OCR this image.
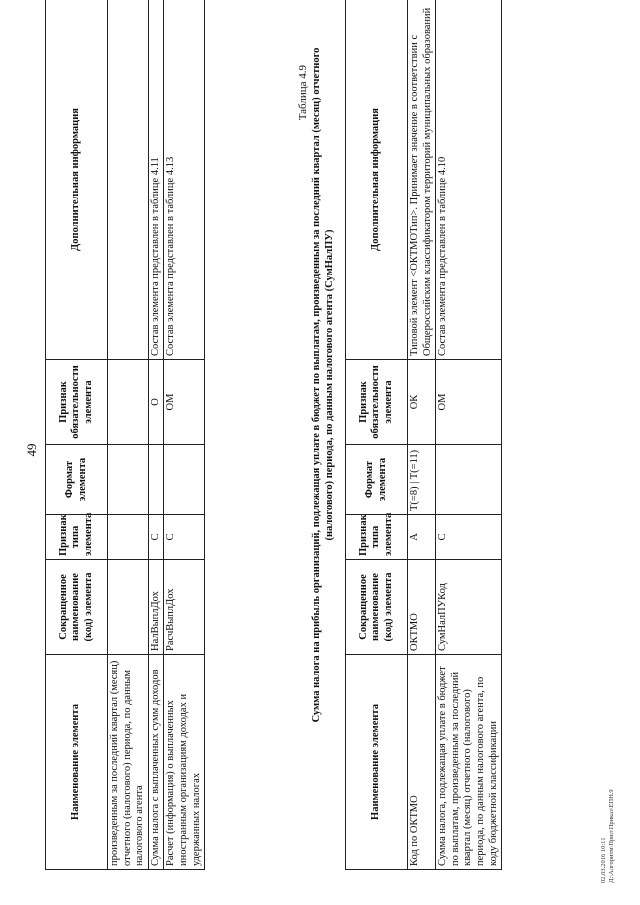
49
Наименование элемента	Сокращенное наименование (код) элемента	Признак типа элемента	Формат элемента	Признак обязательности элемента	Дополнительная информация
произведенным за последний квартал (месяц) отчетного (налогового) периода, по данным налогового агента					
Сумма налога с выплаченных сумм доходов	НалВыплДох	С		О	Состав элемента представлен в таблице 4.11
Расчет (информация) о выплаченных иностранным организациям доходах и удержанных налогах	РасчВыплДох	С		ОМ	Состав элемента представлен в таблице 4.13
Таблица 4.9 Сумма налога на прибыль организаций, подлежащая уплате в бюджет по выплатам, произведенным за последний квартал (месяц) отчетного (налогового) периода, по данным налогового агента (СумНалПУ)
Наименование элемента	Сокращенное наименование (код) элемента	Признак типа элемента	Формат элемента	Признак обязательности элемента	Дополнительная информация
Код по ОКТМО	ОКТМО	А	T(=8) | T(=11)	ОК	Типовой элемент <ОКТМОТип>. Принимает значение в соответствии с Общероссийским классификатором территорий муниципальных образований
Сумма налога, подлежащая уплате в бюджет по выплатам, произведенным за последний квартал (месяц) отчетного (налогового) периода, по данным налогового агента, по коду бюджетной классификации	СумНалПУКод	С		ОМ	Состав элемента представлен в таблице 4.10
02.03.2016 10:11 Д:\Алгоритм\Прил\Приказ\ЕПН.9
